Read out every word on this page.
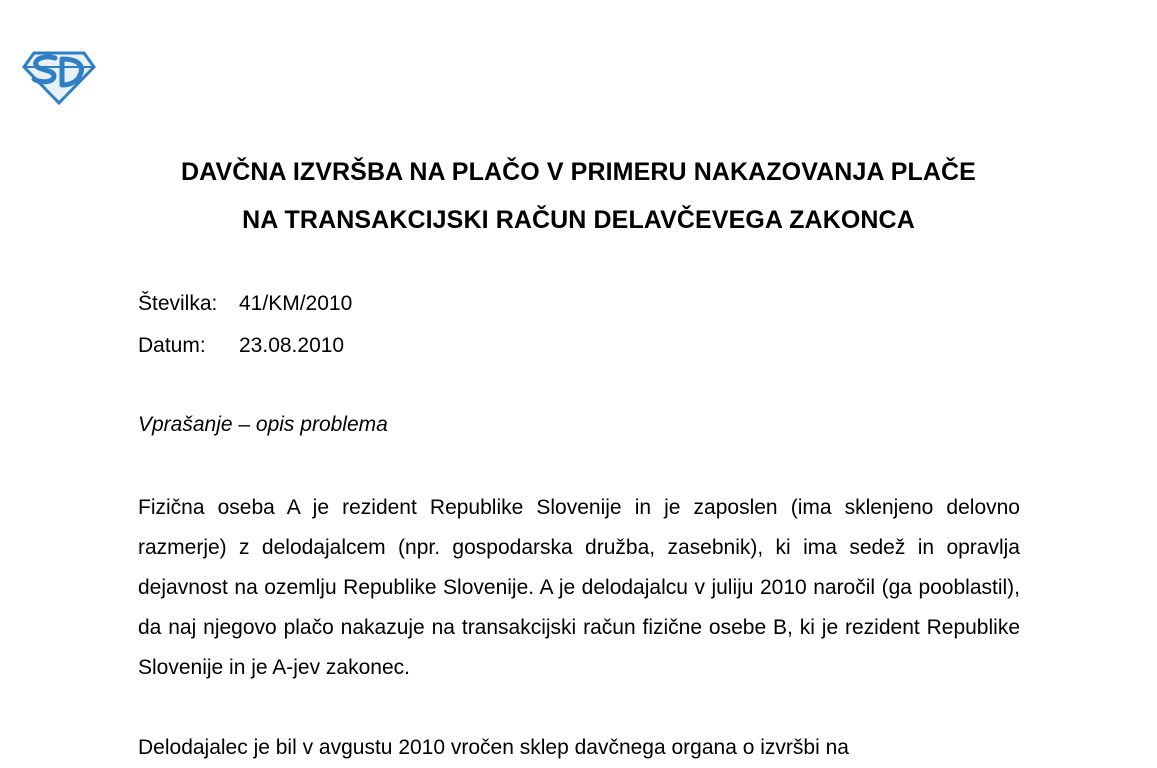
DAVČNA IZVRŠBA NA PLAČO V PRIMERU NAKAZOVANJA PLAČE
NA TRANSAKCIJSKI RAČUN DELAVČEVEGA ZAKONCA
Številka: 41/KM/2010
Datum: 23.08.2010
Vprašanje – opis problema
Fizična oseba A je rezident Republike Slovenije in je zaposlen (ima sklenjeno delovno razmerje) z delodajalcem (npr. gospodarska družba, zasebnik), ki ima sedež in opravlja dejavnost na ozemlju Republike Slovenije. A je delodajalcu v juliju 2010 naročil (ga pooblastil), da naj njegovo plačo nakazuje na transakcijski račun fizične osebe B, ki je rezident Republike Slovenije in je A-jev zakonec.
Delodajalec je bil v avgustu 2010 vročen sklep davčnega organa o izvršbi na
